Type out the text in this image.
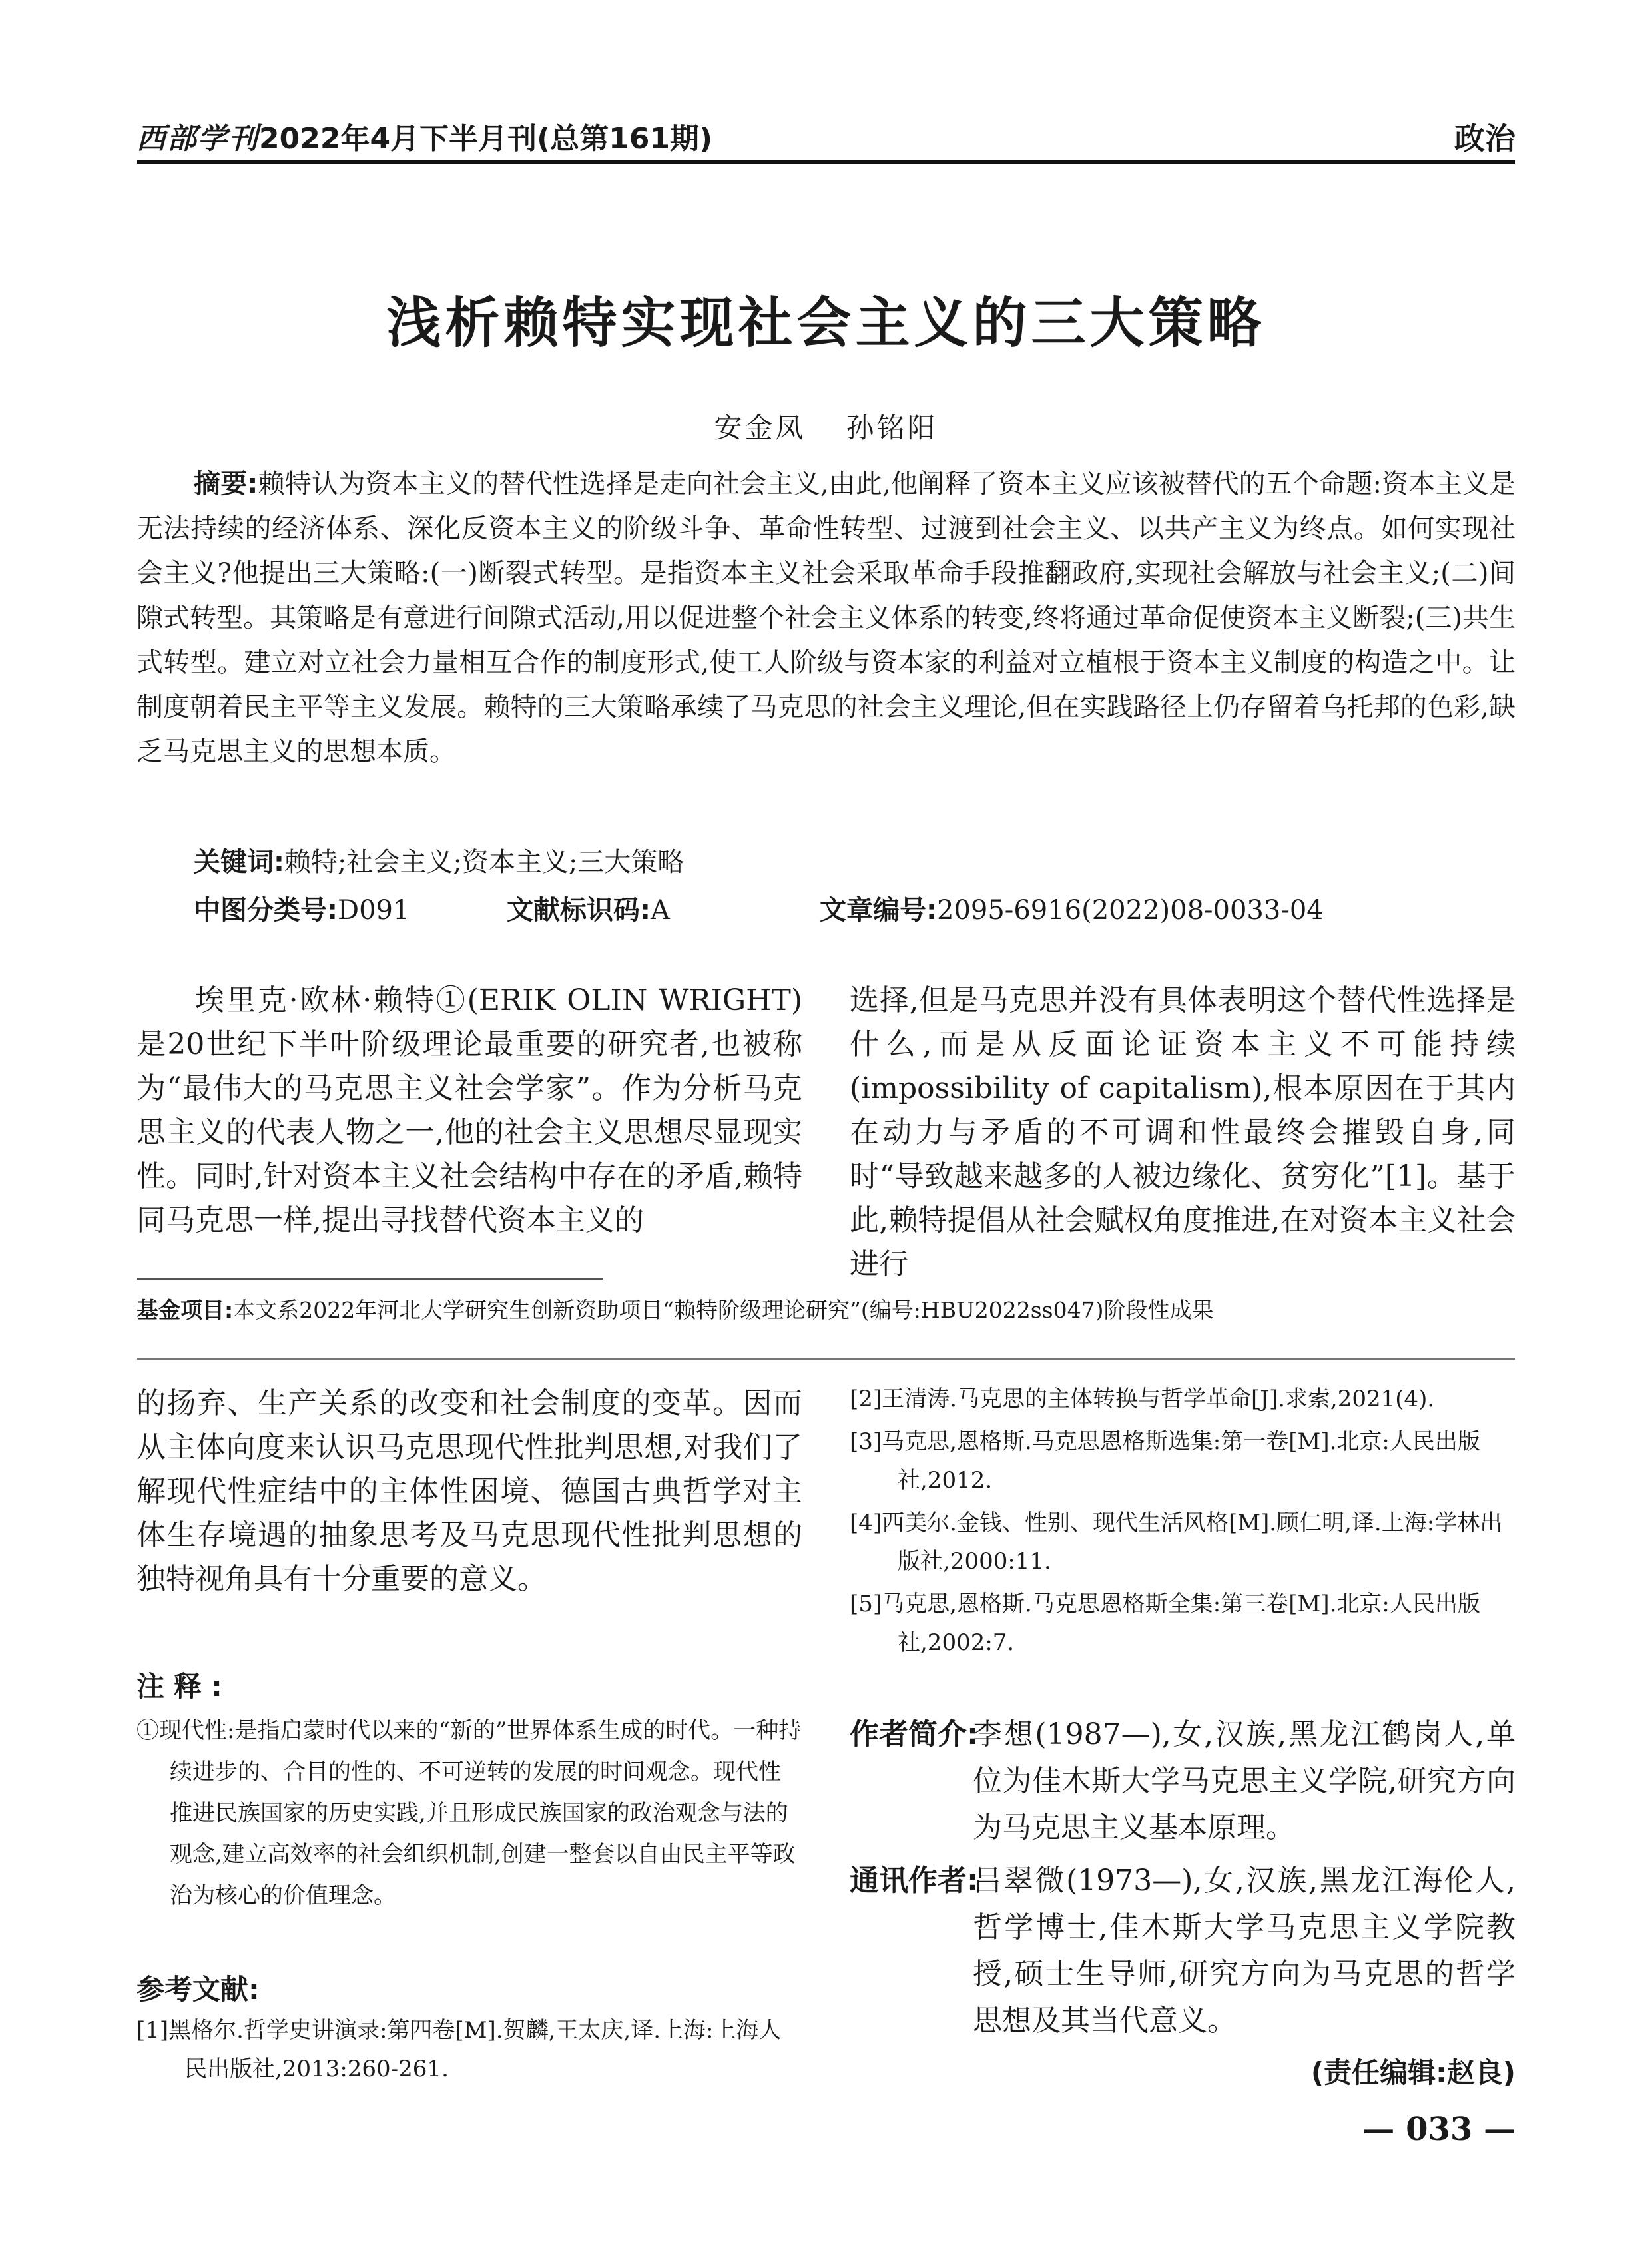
西部学刊2022年4月下半月刊(总第161期)	政治
浅析赖特实现社会主义的三大策略
安金凤 孙铭阳
摘要:赖特认为资本主义的替代性选择是走向社会主义,由此,他阐释了资本主义应该被替代的五个命题:资本主义是无法持续的经济体系、深化反资本主义的阶级斗争、革命性转型、过渡到社会主义、以共产主义为终点。如何实现社会主义?他提出三大策略:(一)断裂式转型。是指资本主义社会采取革命手段推翻政府,实现社会解放与社会主义;(二)间隙式转型。其策略是有意进行间隙式活动,用以促进整个社会主义体系的转变,终将通过革命促使资本主义断裂;(三)共生式转型。建立对立社会力量相互合作的制度形式,使工人阶级与资本家的利益对立植根于资本主义制度的构造之中。让制度朝着民主平等主义发展。赖特的三大策略承续了马克思的社会主义理论,但在实践路径上仍存留着乌托邦的色彩,缺乏马克思主义的思想本质。
关键词:赖特;社会主义;资本主义;三大策略
中图分类号:D091	文献标识码:A	文章编号:2095-6916(2022)08-0033-04
埃里克·欧林·赖特①(ERIK OLIN WRIGHT)是20世纪下半叶阶级理论最重要的研究者,也被称为“最伟大的马克思主义社会学家”。作为分析马克思主义的代表人物之一,他的社会主义思想尽显现实性。同时,针对资本主义社会结构中存在的矛盾,赖特同马克思一样,提出寻找替代资本主义的
选择,但是马克思并没有具体表明这个替代性选择是什么,而是从反面论证资本主义不可能持续(impossibility of capitalism),根本原因在于其内在动力与矛盾的不可调和性最终会摧毁自身,同时“导致越来越多的人被边缘化、贫穷化”[1]。基于此,赖特提倡从社会赋权角度推进,在对资本主义社会进行
基金项目:本文系2022年河北大学研究生创新资助项目“赖特阶级理论研究”(编号:HBU2022ss047)阶段性成果
的扬弃、生产关系的改变和社会制度的变革。因而从主体向度来认识马克思现代性批判思想,对我们了解现代性症结中的主体性困境、德国古典哲学对主体生存境遇的抽象思考及马克思现代性批判思想的独特视角具有十分重要的意义。
注释:
①现代性:是指启蒙时代以来的“新的”世界体系生成的时代。一种持续进步的、合目的性的、不可逆转的发展的时间观念。现代性推进民族国家的历史实践,并且形成民族国家的政治观念与法的观念,建立高效率的社会组织机制,创建一整套以自由民主平等政治为核心的价值理念。
参考文献:
[1]黑格尔.哲学史讲演录:第四卷[M].贺麟,王太庆,译.上海:上海人民出版社,2013:260-261.
[2]王清涛.马克思的主体转换与哲学革命[J].求索,2021(4).
[3]马克思,恩格斯.马克思恩格斯选集:第一卷[M].北京:人民出版社,2012.
[4]西美尔.金钱、性别、现代生活风格[M].顾仁明,译.上海:学林出版社,2000:11.
[5]马克思,恩格斯.马克思恩格斯全集:第三卷[M].北京:人民出版社,2002:7.
作者简介:
李想(1987—),女,汉族,黑龙江鹤岗人,单位为佳木斯大学马克思主义学院,研究方向为马克思主义基本原理。
通讯作者:
吕翠微(1973—),女,汉族,黑龙江海伦人,哲学博士,佳木斯大学马克思主义学院教授,硕士生导师,研究方向为马克思的哲学思想及其当代意义。
(责任编辑:赵良)
— 033 —
